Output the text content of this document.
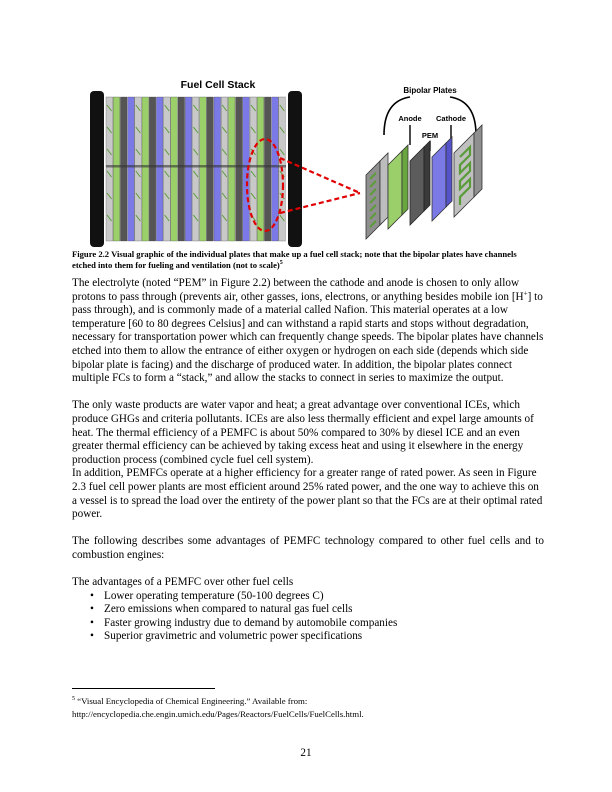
Fuel Cell Stack	Bipolar Plates
Anode Cathode
PEM
Figure 2.2 Visual graphic of the individual plates that make up a fuel cell stack; note that the bipolar plates have channels etched into them for fueling and ventilation (not to scale)$^5$

The electrolyte (noted “PEM” in Figure 2.2) between the cathode and anode is chosen to only allow protons to pass through (prevents air, other gasses, ions, electrons, or anything besides mobile ion [H+] to pass through), and is commonly made of a material called Nafion. This material operates at a low temperature [60 to 80 degrees Celsius] and can withstand a rapid starts and stops without degradation, necessary for transportation power which can frequently change speeds. The bipolar plates have channels etched into them to allow the entrance of either oxygen or hydrogen on each side (depends which side bipolar plate is facing) and the discharge of produced water. In addition, the bipolar plates connect multiple FCs to form a “stack,” and allow the stacks to connect in series to maximize the output.

The only waste products are water vapor and heat; a great advantage over conventional ICEs, which produce GHGs and criteria pollutants. ICEs are also less thermally efficient and expel large amounts of heat. The thermal efficiency of a PEMFC is about 50% compared to 30% by diesel ICE and an even greater thermal efficiency can be achieved by taking excess heat and using it elsewhere in the energy production process (combined cycle fuel cell system).

In addition, PEMFCs operate at a higher efficiency for a greater range of rated power. As seen in Figure 2.3 fuel cell power plants are most efficient around 25% rated power, and the one way to achieve this on a vessel is to spread the load over the entirety of the power plant so that the FCs are at their optimal rated power.

The following describes some advantages of PEMFC technology compared to other fuel cells and to combustion engines:

The advantages of a PEMFC over other fuel cells

• Lower operating temperature (50-100 degrees C)
• Zero emissions when compared to natural gas fuel cells
• Faster growing industry due to demand by automobile companies
• Superior gravimetric and volumetric power specifications
$^5$ “Visual Encyclopedia of Chemical Engineering.” Available from:
http://encyclopedia.che.engin.umich.edu/Pages/Reactors/FuelCells/FuelCells.html.
21
